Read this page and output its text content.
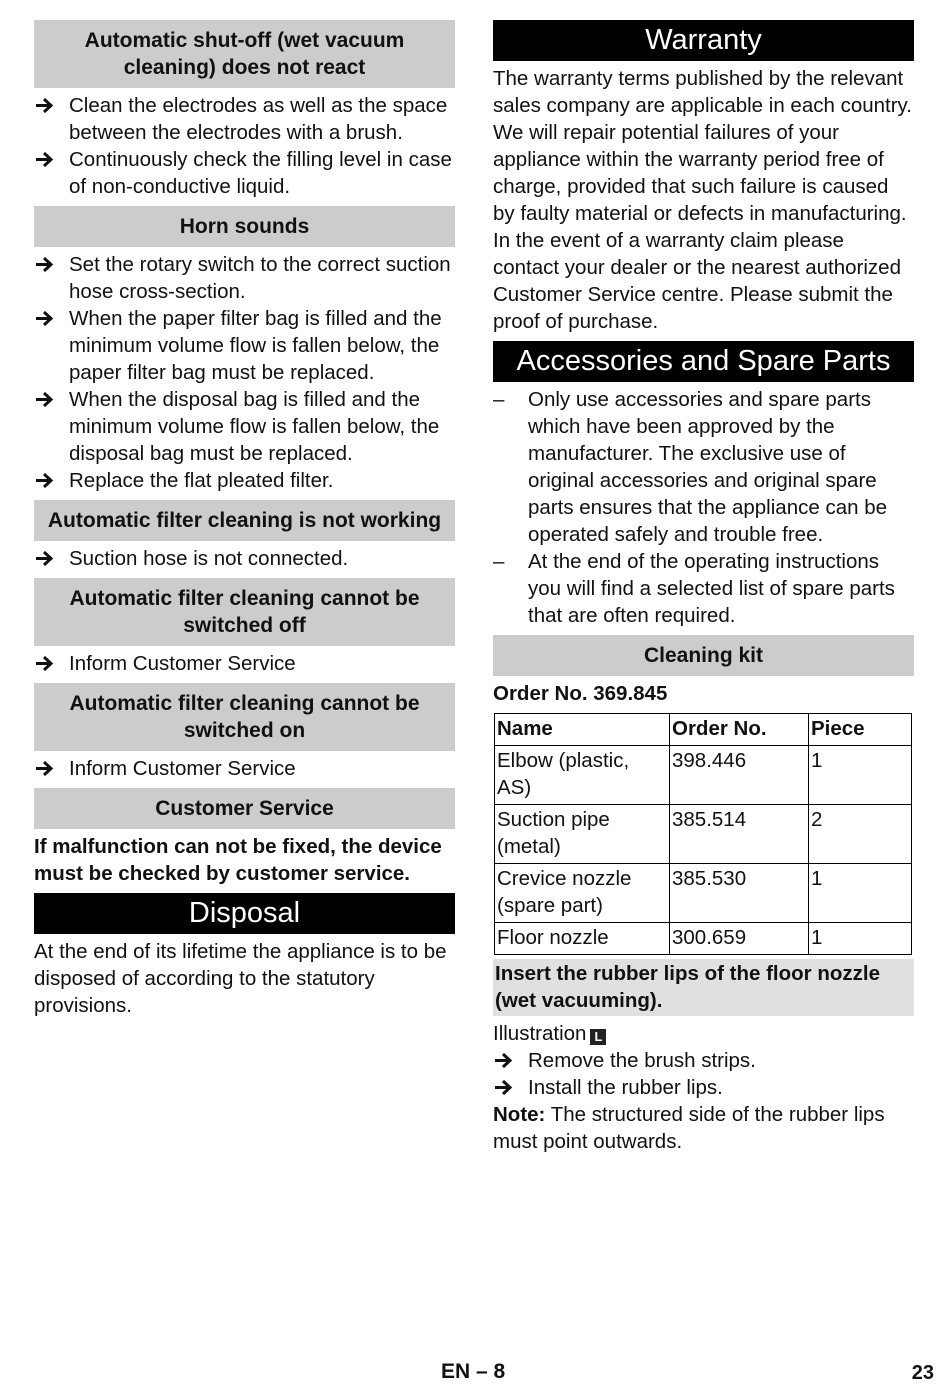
Automatic shut-off (wet vacuum cleaning) does not react
Clean the electrodes as well as the space between the electrodes with a brush.
Continuously check the filling level in case of non-conductive liquid.
Horn sounds
Set the rotary switch to the correct suction hose cross-section.
When the paper filter bag is filled and the minimum volume flow is fallen below, the paper filter bag must be replaced.
When the disposal bag is filled and the minimum volume flow is fallen below, the disposal bag must be replaced.
Replace the flat pleated filter.
Automatic filter cleaning is not working
Suction hose is not connected.
Automatic filter cleaning cannot be switched off
Inform Customer Service
Automatic filter cleaning cannot be switched on
Inform Customer Service
Customer Service

If malfunction can not be fixed, the device must be checked by customer service.

Disposal

At the end of its lifetime the appliance is to be disposed of according to the statutory provisions.

Warranty

The warranty terms published by the relevant sales company are applicable in each country. We will repair potential failures of your appliance within the warranty period free of charge, provided that such failure is caused by faulty material or defects in manufacturing. In the event of a warranty claim please contact your dealer or the nearest authorized Customer Service centre. Please submit the proof of purchase.

Accessories and Spare Parts
–	Only use accessories and spare parts which have been approved by the manufacturer. The exclusive use of original accessories and original spare parts ensures that the appliance can be operated safely and trouble free.
–	At the end of the operating instructions you will find a selected list of spare parts that are often required.
Cleaning kit

Order No. 369.845

Name	Order No.	Piece
Elbow (plastic, AS)	398.446	1
Suction pipe (metal)	385.514	2
Crevice nozzle (spare part)	385.530	1
Floor nozzle	300.659	1
Insert the rubber lips of the floor nozzle (wet vacuuming).

Illustration L

Remove the brush strips.
Install the rubber lips.

Note: The structured side of the rubber lips must point outwards.

EN – 8	23
